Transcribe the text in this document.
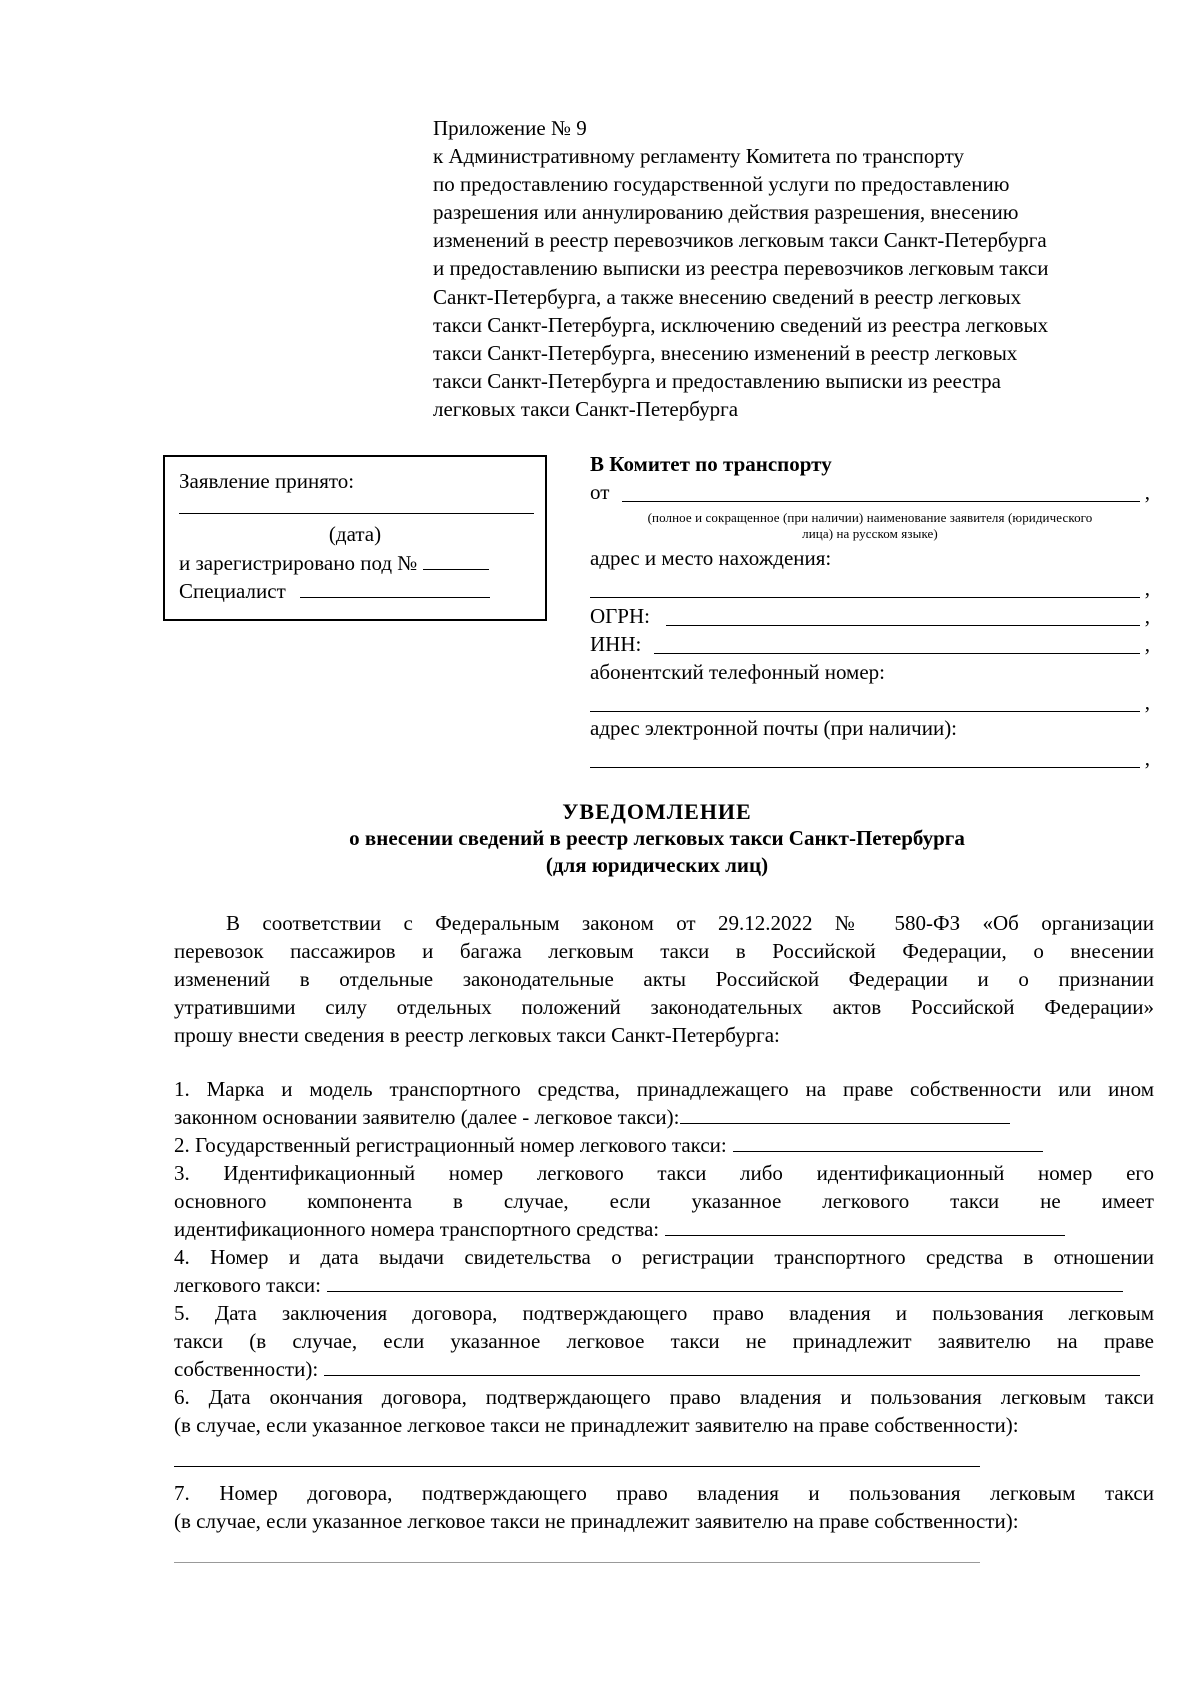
Приложение № 9
к Административному регламенту Комитета по транспорту
по предоставлению государственной услуги по предоставлению
разрешения или аннулированию действия разрешения, внесению
изменений в реестр перевозчиков легковым такси Санкт-Петербурга
и предоставлению выписки из реестра перевозчиков легковым такси
Санкт-Петербурга, а также внесению сведений в реестр легковых
такси Санкт-Петербурга, исключению сведений из реестра легковых
такси Санкт-Петербурга, внесению изменений в реестр легковых
такси Санкт-Петербурга и предоставлению выписки из реестра
легковых такси Санкт-Петербурга
Заявление принято:
(дата)
и зарегистрировано под №
Специалист
В Комитет по транспорту
от	,
(полное и сокращенное (при наличии) наименование заявителя (юридического
лица) на русском языке)
адрес и место нахождения:
,
ОГРН:	,
ИНН:	,
абонентский телефонный номер:
,
адрес электронной почты (при наличии):
,
УВЕДОМЛЕНИЕ
о внесении сведений в реестр легковых такси Санкт-Петербурга
(для юридических лиц)
В соответствии с Федеральным законом от 29.12.2022 № 580-ФЗ «Об организации
перевозок пассажиров и багажа легковым такси в Российской Федерации, о внесении
изменений в отдельные законодательные акты Российской Федерации и о признании
утратившими силу отдельных положений законодательных актов Российской Федерации»
прошу внести сведения в реестр легковых такси Санкт-Петербурга:
1. Марка и модель транспортного средства, принадлежащего на праве собственности или ином
законном основании заявителю (далее - легковое такси):
2. Государственный регистрационный номер легкового такси:
3. Идентификационный номер легкового такси либо идентификационный номер его
основного компонента в случае, если указанное легкового такси не имеет
идентификационного номера транспортного средства:
4. Номер и дата выдачи свидетельства о регистрации транспортного средства в отношении
легкового такси:
5. Дата заключения договора, подтверждающего право владения и пользования легковым
такси (в случае, если указанное легковое такси не принадлежит заявителю на праве
собственности):
6. Дата окончания договора, подтверждающего право владения и пользования легковым такси
(в случае, если указанное легковое такси не принадлежит заявителю на праве собственности):
7. Номер договора, подтверждающего право владения и пользования легковым такси
(в случае, если указанное легковое такси не принадлежит заявителю на праве собственности):
